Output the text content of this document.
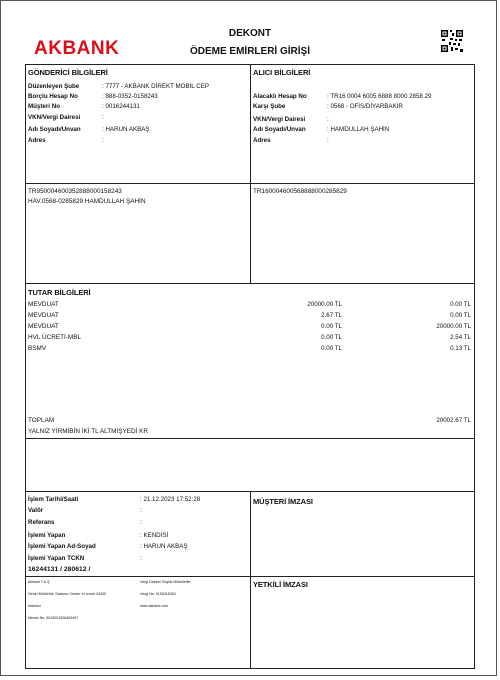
AKBANK
DEKONT
ÖDEME EMİRLERİ GİRİŞİ
GÖNDERİCİ BİLGİLERİ
Düzenleyen Şube	: 7777 - AKBANK DİREKT MOBİL CEP
Borçlu Hesap No	: 888-0352-0158243
Müşteri No	: 0016244131
VKN/Vergi Dairesi	:
Adı Soyadı/Unvan	: HARUN AKBAŞ
Adres	:
ALICI BİLGİLERİ
Alacaklı Hesap No	: TR16 0004 6005 6888 8000 2858 29
Karşı Şube	: 0568 - OFİS/DİYARBAKIR
VKN/Vergi Dairesi	:
Adı Soyadı/Unvan	: HAMDULLAH ŞAHİN
Adres	:
TR950004600352888000158243
HAV.0568-0285829 HAMDULLAH ŞAHİN
TR160004600568888000285829
TUTAR BİLGİLERİ
MEVDUAT	20000.00 TL	0.00 TL
MEVDUAT	2.67 TL	0.00 TL
MEVDUAT	0.00 TL	20000.00 TL
HVL ÜCRETİ-MBL	0.00 TL	2.54 TL
BSMV	0.00 TL	0.13 TL
TOPLAM	20002.67 TL
YALNIZ YİRMİBİN İKİ TL ALTMIŞYEDİ KR
İşlem Tarihi/Saati	: 21.12.2023 17:52:28
Valör	:
Referans	:
İşlemi Yapan	: KENDİSİ
İşlemi Yapan Ad-Soyad	: HARUN AKBAŞ
İşlemi Yapan TCKN	:
16244131 / 280612 /
MÜŞTERİ İMZASI
YETKİLİ İMZASI
Akbank T.A.Ş.
Genel Müdürlük: Sabancı Center 4.Levent 34330
İstanbul
Mersis No: 0015001526400497
Vergi Dairesi: Büyük Mükellefler
Vergi No: 0150015264
www.akbank.com
